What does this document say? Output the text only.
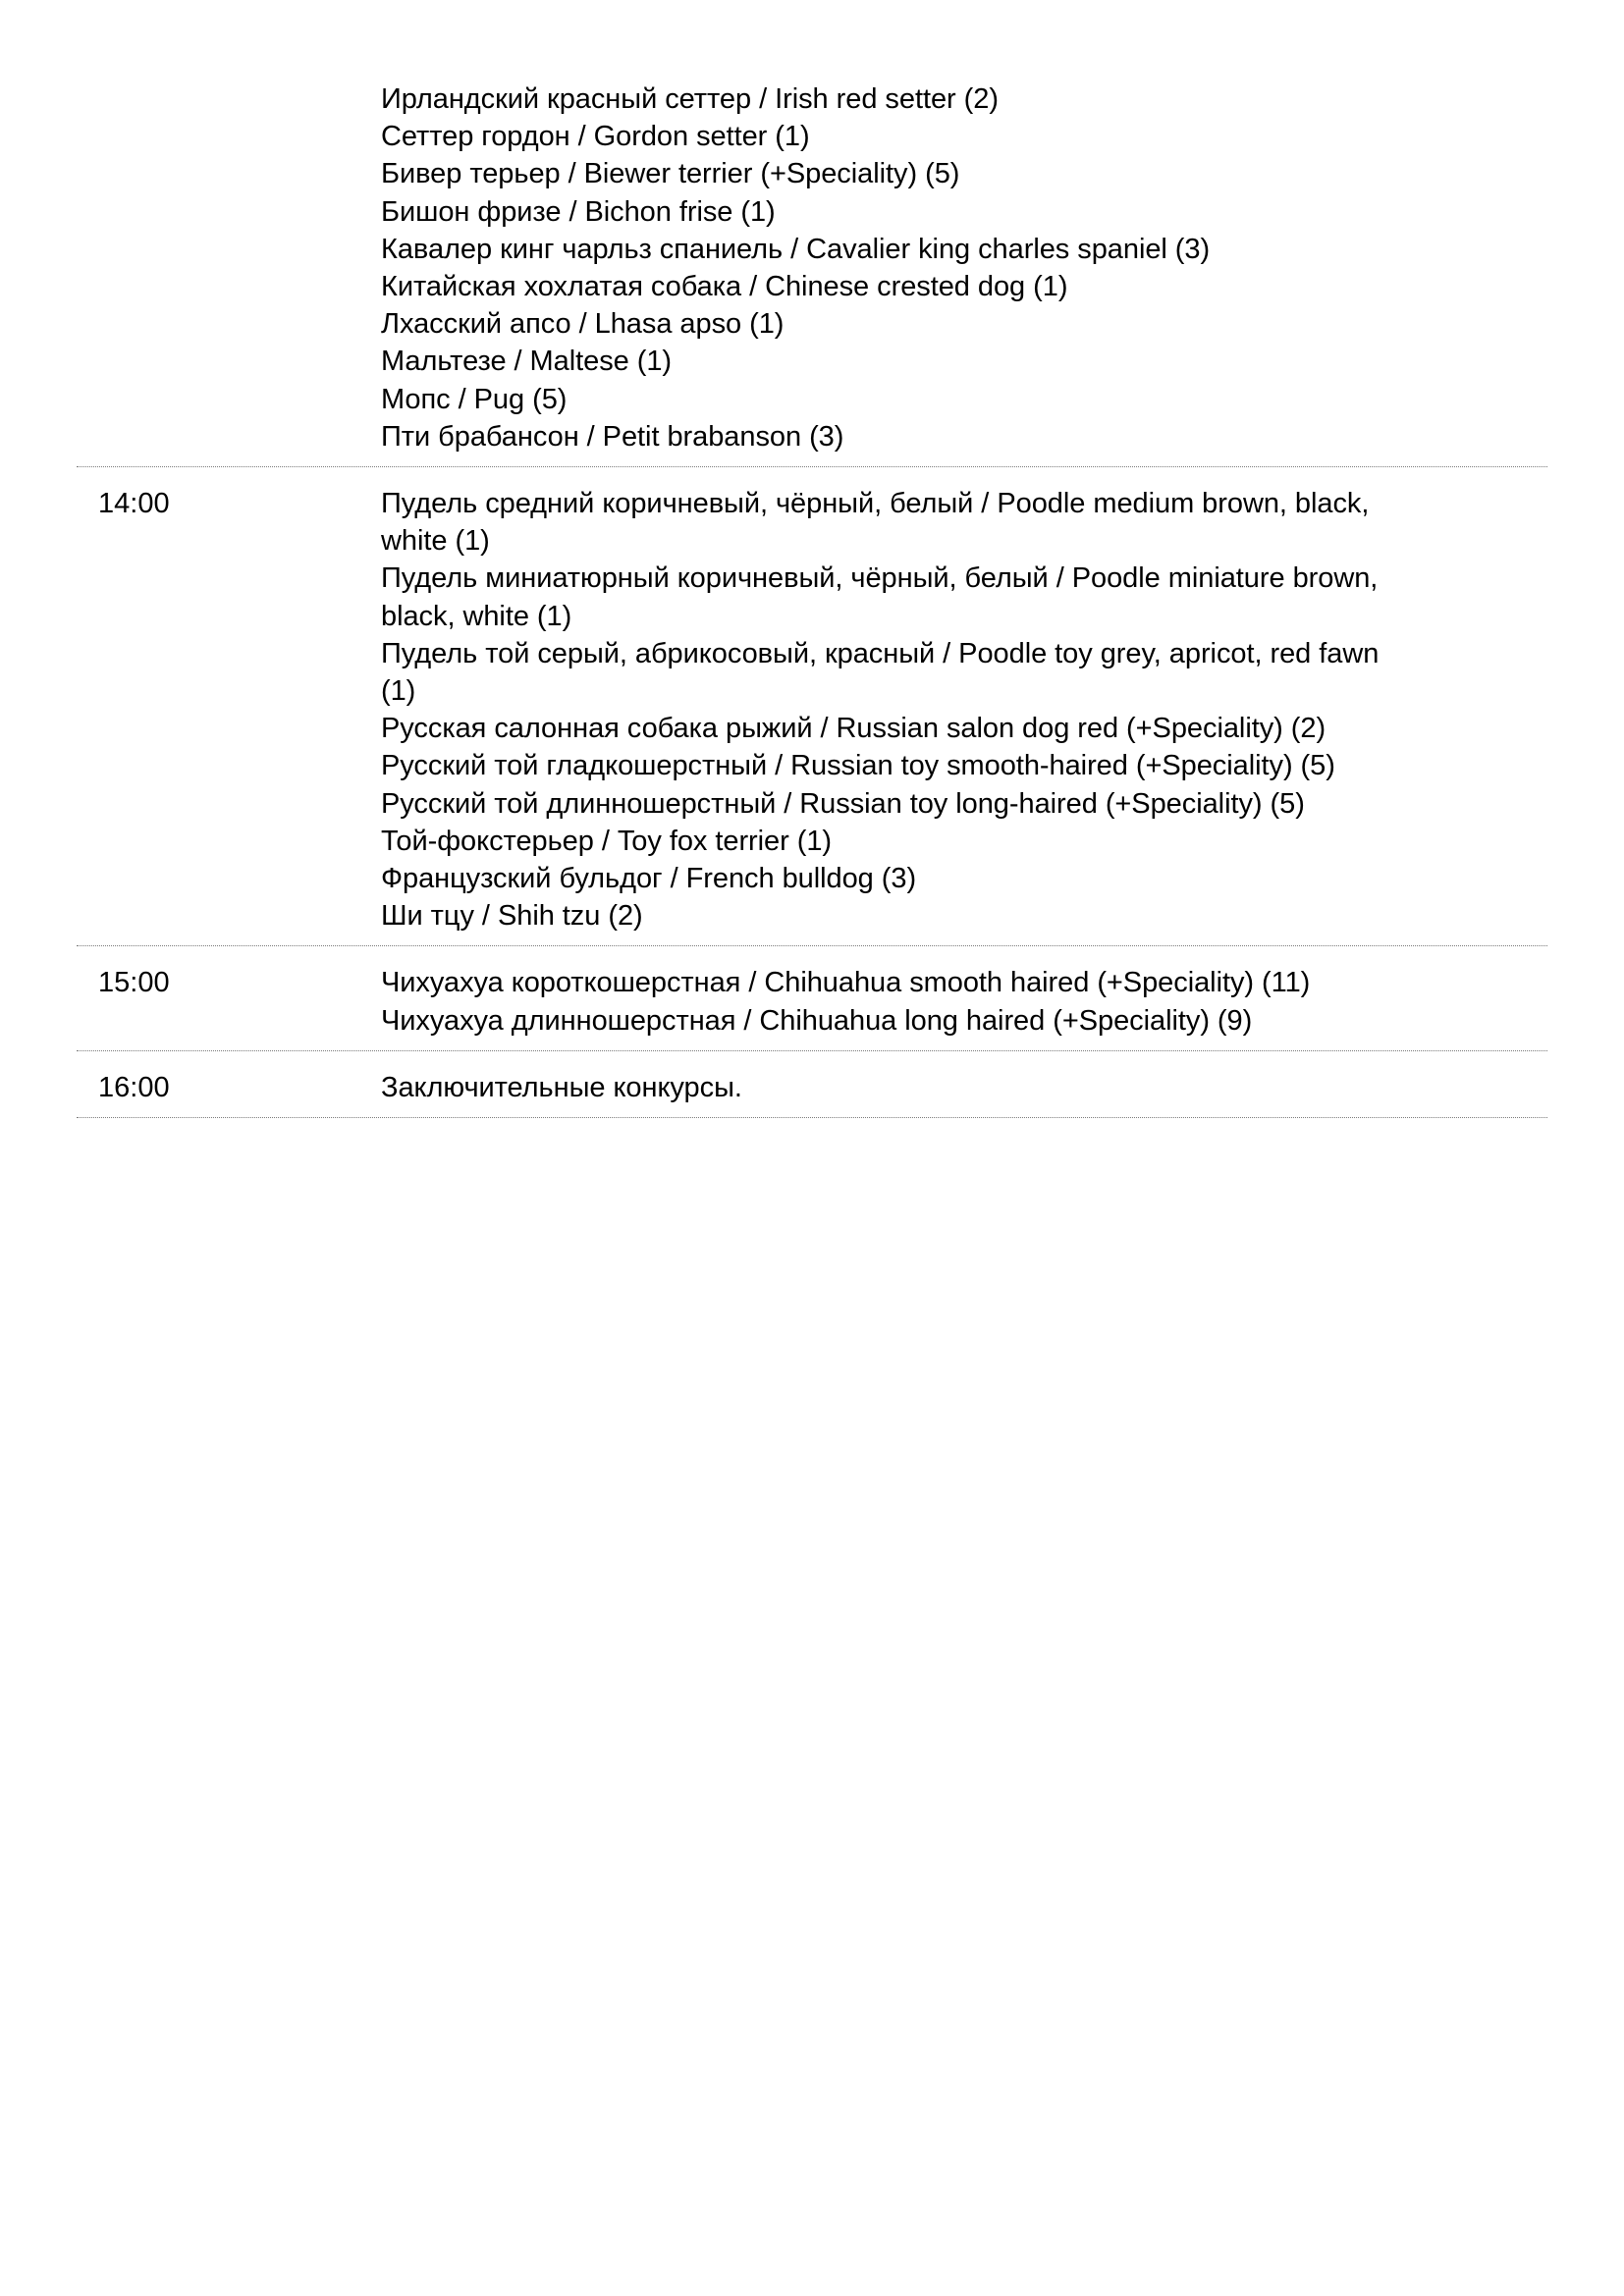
Ирландский красный сеттер / Irish red setter (2)
Сеттер гордон / Gordon setter (1)
Бивер терьер / Biewer terrier (+Speciality) (5)
Бишон фризе / Bichon frise (1)
Кавалер кинг чарльз спаниель / Cavalier king charles spaniel (3)
Китайская хохлатая собака / Chinese crested dog (1)
Лхасский апсо / Lhasa apso (1)
Мальтезе / Maltese (1)
Мопс / Pug (5)
Пти брабансон / Petit brabanson (3)
14:00	Пудель средний коричневый, чёрный, белый / Poodle medium brown, black,
white (1)
Пудель миниатюрный коричневый, чёрный, белый / Poodle miniature brown,
black, white (1)
Пудель той серый, абрикосовый, красный / Poodle toy grey, apricot, red fawn
(1)
Русская салонная собака рыжий / Russian salon dog red (+Speciality) (2)
Русский той гладкошерстный / Russian toy smooth-haired (+Speciality) (5)
Русский той длинношерстный / Russian toy long-haired (+Speciality) (5)
Той-фокстерьер / Toy fox terrier (1)
Французский бульдог / French bulldog (3)
Ши тцу / Shih tzu (2)
15:00	Чихуахуа короткошерстная / Chihuahua smooth haired (+Speciality) (11)
Чихуахуа длинношерстная / Chihuahua long haired (+Speciality) (9)
16:00	Заключительные конкурсы.
